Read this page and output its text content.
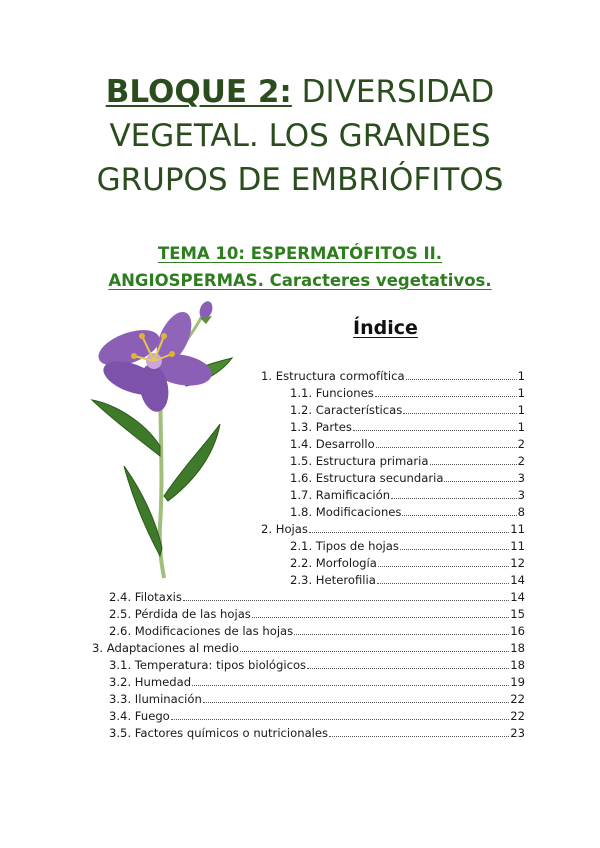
BLOQUE 2: DIVERSIDAD
VEGETAL. LOS GRANDES
GRUPOS DE EMBRIÓFITOS
TEMA 10: ESPERMATÓFITOS II.
ANGIOSPERMAS. Caracteres vegetativos.
Índice
1. Estructura cormofítica	1
1.1. Funciones	1
1.2. Características	1
1.3. Partes	1
1.4. Desarrollo	2
1.5. Estructura primaria	2
1.6. Estructura secundaria	3
1.7. Ramificación	3
1.8. Modificaciones	8
2. Hojas	11
2.1. Tipos de hojas	11
2.2. Morfología	12
2.3. Heterofilia	14
2.4. Filotaxis	14
2.5. Pérdida de las hojas	15
2.6. Modificaciones de las hojas	16
3. Adaptaciones al medio	18
3.1. Temperatura: tipos biológicos	18
3.2. Humedad	19
3.3. Iluminación	22
3.4. Fuego	22
3.5. Factores químicos o nutricionales	23
